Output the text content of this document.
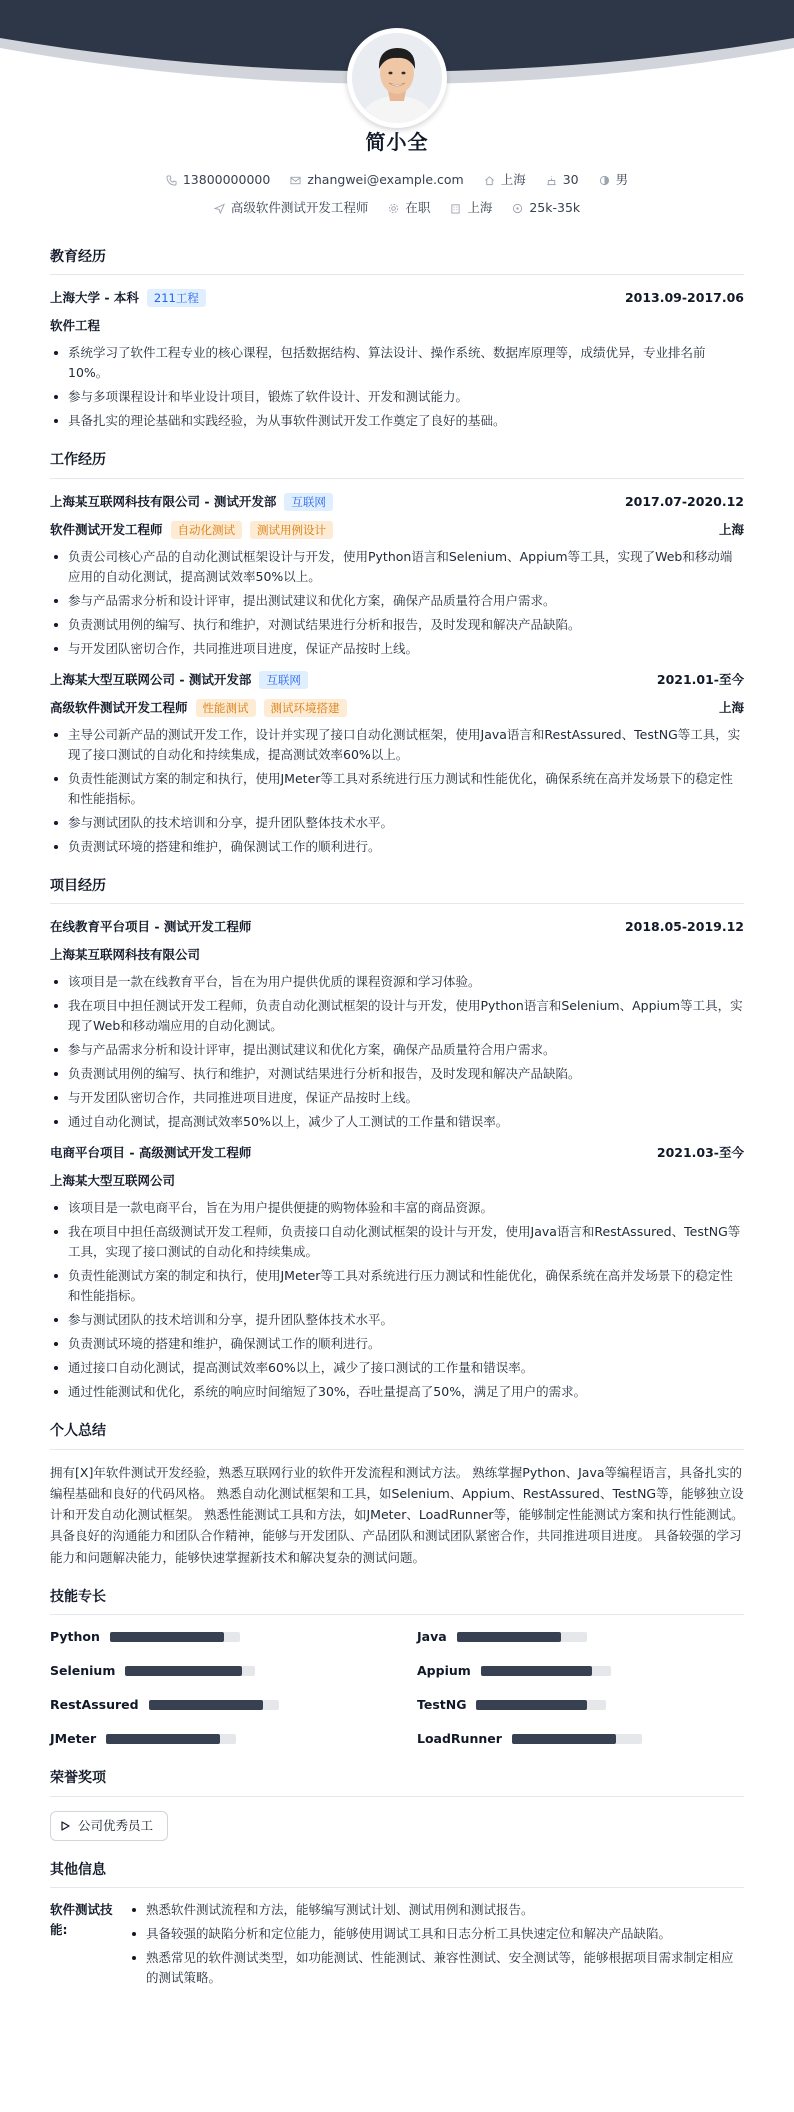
简小全
13800000000	zhangwei@example.com	上海	30	男
高级软件测试开发工程师	在职	上海	25k-35k
教育经历
上海大学 - 本科	211工程	2013.09-2017.06
软件工程
系统学习了软件工程专业的核心课程，包括数据结构、算法设计、操作系统、数据库原理等，成绩优异，专业排名前10%。
参与多项课程设计和毕业设计项目，锻炼了软件设计、开发和测试能力。
具备扎实的理论基础和实践经验，为从事软件测试开发工作奠定了良好的基础。
工作经历
上海某互联网科技有限公司 - 测试开发部	互联网	2017.07-2020.12
软件测试开发工程师	自动化测试	测试用例设计	上海
负责公司核心产品的自动化测试框架设计与开发，使用Python语言和Selenium、Appium等工具，实现了Web和移动端应用的自动化测试，提高测试效率50%以上。
参与产品需求分析和设计评审，提出测试建议和优化方案，确保产品质量符合用户需求。
负责测试用例的编写、执行和维护，对测试结果进行分析和报告，及时发现和解决产品缺陷。
与开发团队密切合作，共同推进项目进度，保证产品按时上线。
上海某大型互联网公司 - 测试开发部	互联网	2021.01-至今
高级软件测试开发工程师	性能测试	测试环境搭建	上海
主导公司新产品的测试开发工作，设计并实现了接口自动化测试框架，使用Java语言和RestAssured、TestNG等工具，实现了接口测试的自动化和持续集成，提高测试效率60%以上。
负责性能测试方案的制定和执行，使用JMeter等工具对系统进行压力测试和性能优化，确保系统在高并发场景下的稳定性和性能指标。
参与测试团队的技术培训和分享，提升团队整体技术水平。
负责测试环境的搭建和维护，确保测试工作的顺利进行。
项目经历
在线教育平台项目 - 测试开发工程师	2018.05-2019.12
上海某互联网科技有限公司
该项目是一款在线教育平台，旨在为用户提供优质的课程资源和学习体验。
我在项目中担任测试开发工程师，负责自动化测试框架的设计与开发，使用Python语言和Selenium、Appium等工具，实现了Web和移动端应用的自动化测试。
参与产品需求分析和设计评审，提出测试建议和优化方案，确保产品质量符合用户需求。
负责测试用例的编写、执行和维护，对测试结果进行分析和报告，及时发现和解决产品缺陷。
与开发团队密切合作，共同推进项目进度，保证产品按时上线。
通过自动化测试，提高测试效率50%以上，减少了人工测试的工作量和错误率。
电商平台项目 - 高级测试开发工程师	2021.03-至今
上海某大型互联网公司
该项目是一款电商平台，旨在为用户提供便捷的购物体验和丰富的商品资源。
我在项目中担任高级测试开发工程师，负责接口自动化测试框架的设计与开发，使用Java语言和RestAssured、TestNG等工具，实现了接口测试的自动化和持续集成。
负责性能测试方案的制定和执行，使用JMeter等工具对系统进行压力测试和性能优化，确保系统在高并发场景下的稳定性和性能指标。
参与测试团队的技术培训和分享，提升团队整体技术水平。
负责测试环境的搭建和维护，确保测试工作的顺利进行。
通过接口自动化测试，提高测试效率60%以上，减少了接口测试的工作量和错误率。
通过性能测试和优化，系统的响应时间缩短了30%，吞吐量提高了50%，满足了用户的需求。
个人总结

拥有[X]年软件测试开发经验，熟悉互联网行业的软件开发流程和测试方法。 熟练掌握Python、Java等编程语言，具备扎实的编程基础和良好的代码风格。 熟悉自动化测试框架和工具，如Selenium、Appium、RestAssured、TestNG等，能够独立设计和开发自动化测试框架。 熟悉性能测试工具和方法，如JMeter、LoadRunner等，能够制定性能测试方案和执行性能测试。 具备良好的沟通能力和团队合作精神，能够与开发团队、产品团队和测试团队紧密合作，共同推进项目进度。 具备较强的学习能力和问题解决能力，能够快速掌握新技术和解决复杂的测试问题。

技能专长
Python	Java
Selenium	Appium
RestAssured	TestNG
JMeter	LoadRunner
荣誉奖项
公司优秀员工
其他信息
软件测试技能:
熟悉软件测试流程和方法，能够编写测试计划、测试用例和测试报告。
具备较强的缺陷分析和定位能力，能够使用调试工具和日志分析工具快速定位和解决产品缺陷。
熟悉常见的软件测试类型，如功能测试、性能测试、兼容性测试、安全测试等，能够根据项目需求制定相应的测试策略。
